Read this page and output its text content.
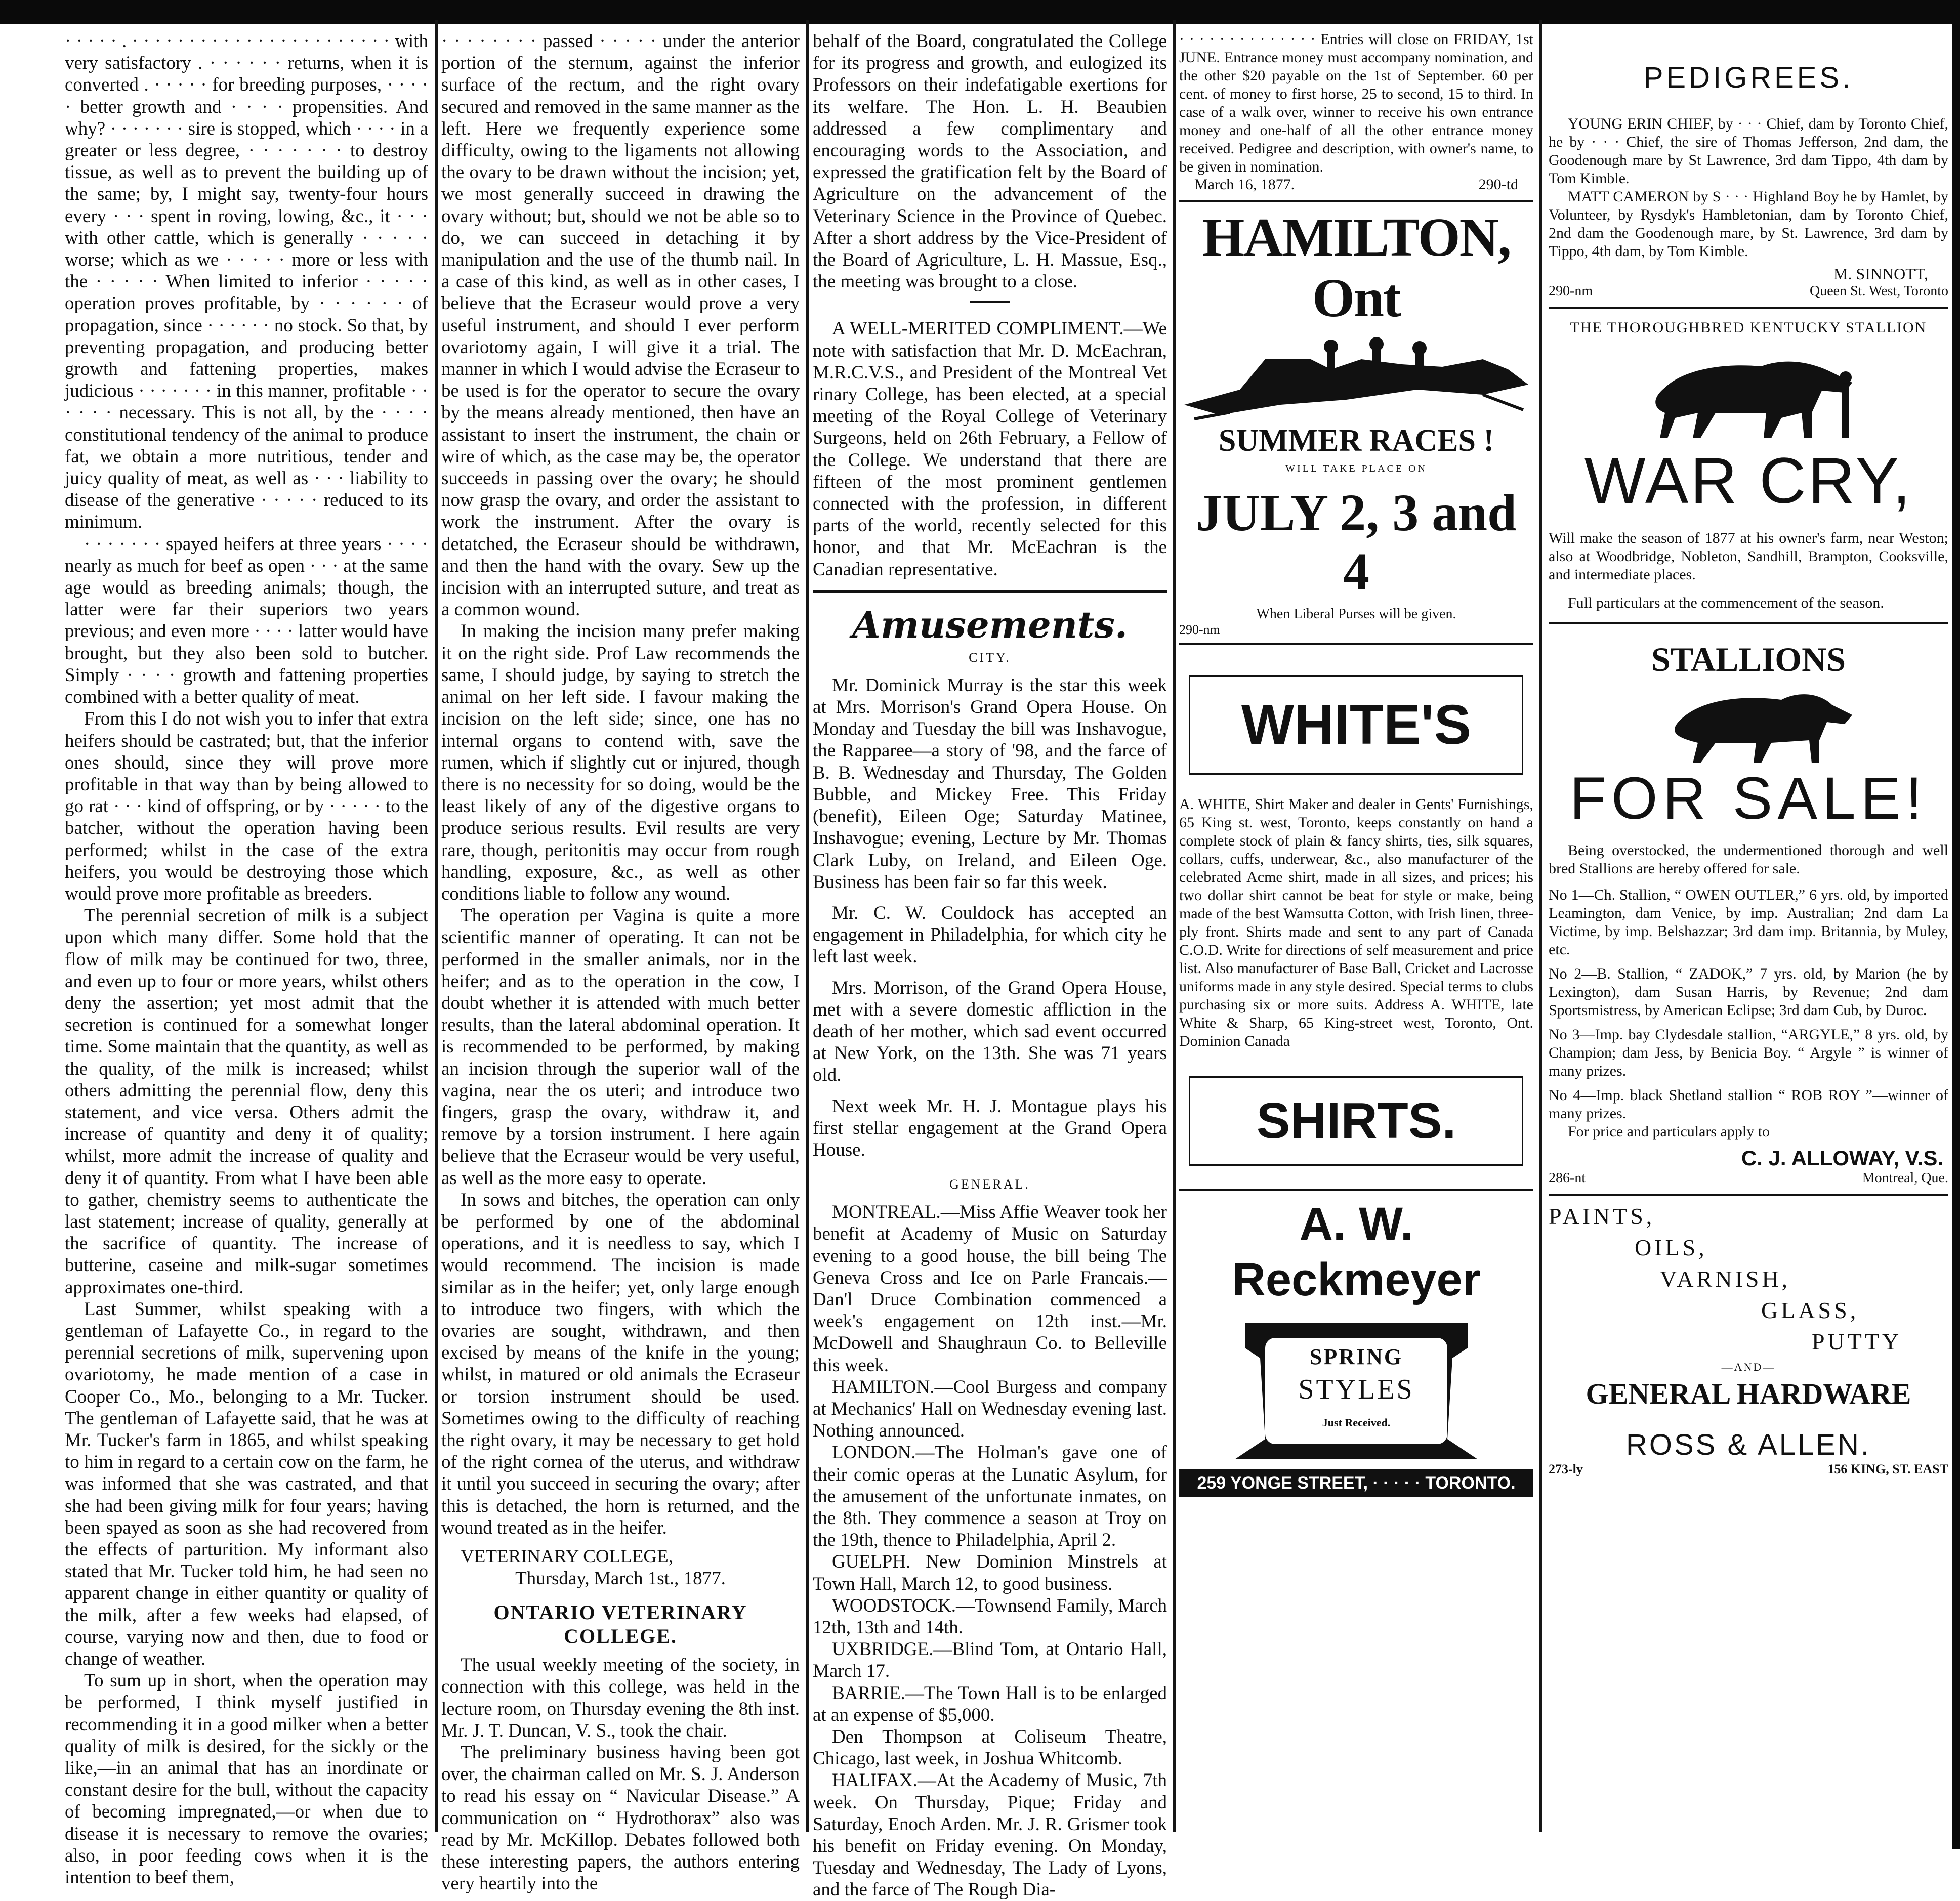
· · · · · . · · · · · · · · · · · · · · · · · · · · · · · with very satisfactory . · · · · · · returns, when it is converted . · · · · · for breeding purposes, · · · · · better growth and · · · · propensities. And why? · · · · · · · sire is stopped, which · · · · in a greater or less degree, · · · · · · · to destroy tissue, as well as to prevent the building up of the same; by, I might say, twenty-four hours every · · · spent in roving, lowing, &c., it · · · with other cattle, which is generally · · · · · worse; which as we · · · · · more or less with the · · · · · When limited to inferior · · · · · operation proves profitable, by · · · · · · of propagation, since · · · · · · no stock. So that, by preventing propagation, and producing better growth and fattening properties, makes judicious · · · · · · · in this manner, profitable · · · · · · necessary. This is not all, by the · · · · constitutional tendency of the animal to produce fat, we obtain a more nutritious, tender and juicy quality of meat, as well as · · · liability to disease of the generative · · · · · reduced to its minimum.

· · · · · · · spayed heifers at three years · · · · nearly as much for beef as open · · · at the same age would as breeding animals; though, the latter were far their superiors two years previous; and even more · · · · latter would have brought, but they also been sold to butcher. Simply · · · · growth and fattening properties combined with a better quality of meat.

From this I do not wish you to infer that extra heifers should be castrated; but, that the inferior ones should, since they will prove more profitable in that way than by being allowed to go rat · · · kind of offspring, or by · · · · · to the batcher, without the operation having been performed; whilst in the case of the extra heifers, you would be destroying those which would prove more profitable as breeders.

The perennial secretion of milk is a subject upon which many differ. Some hold that the flow of milk may be continued for two, three, and even up to four or more years, whilst others deny the assertion; yet most admit that the secretion is continued for a somewhat longer time. Some maintain that the quantity, as well as the quality, of the milk is increased; whilst others admitting the perennial flow, deny this statement, and vice versa. Others admit the increase of quantity and deny it of quality; whilst, more admit the increase of quality and deny it of quantity. From what I have been able to gather, chemistry seems to authenticate the last statement; increase of quality, generally at the sacrifice of quantity. The increase of butterine, caseine and milk-sugar sometimes approximates one-third.

Last Summer, whilst speaking with a gentleman of Lafayette Co., in regard to the perennial secretions of milk, supervening upon ovariotomy, he made mention of a case in Cooper Co., Mo., belonging to a Mr. Tucker. The gentleman of Lafayette said, that he was at Mr. Tucker's farm in 1865, and whilst speaking to him in regard to a certain cow on the farm, he was informed that she was castrated, and that she had been giving milk for four years; having been spayed as soon as she had recovered from the effects of parturition. My informant also stated that Mr. Tucker told him, he had seen no apparent change in either quantity or quality of the milk, after a few weeks had elapsed, of course, varying now and then, due to food or change of weather.

To sum up in short, when the operation may be performed, I think myself justified in recommending it in a good milker when a better quality of milk is desired, for the sickly or the like,—in an animal that has an inordinate or constant desire for the bull, without the capacity of becoming impregnated,—or when due to disease it is necessary to remove the ovaries; also, in poor feeding cows when it is the intention to beef them,

· · · · · · · · passed · · · · · under the anterior portion of the sternum, against the inferior surface of the rectum, and the right ovary secured and removed in the same manner as the left. Here we frequently experience some difficulty, owing to the ligaments not allowing the ovary to be drawn without the incision; yet, we most generally succeed in drawing the ovary without; but, should we not be able so to do, we can succeed in detaching it by manipulation and the use of the thumb nail. In a case of this kind, as well as in other cases, I believe that the Ecraseur would prove a very useful instrument, and should I ever perform ovariotomy again, I will give it a trial. The manner in which I would advise the Ecraseur to be used is for the operator to secure the ovary by the means already mentioned, then have an assistant to insert the instrument, the chain or wire of which, as the case may be, the operator succeeds in passing over the ovary; he should now grasp the ovary, and order the assistant to work the instrument. After the ovary is detatched, the Ecraseur should be withdrawn, and then the hand with the ovary. Sew up the incision with an interrupted suture, and treat as a common wound.

In making the incision many prefer making it on the right side. Prof Law recommends the same, I should judge, by saying to stretch the animal on her left side. I favour making the incision on the left side; since, one has no internal organs to contend with, save the rumen, which if slightly cut or injured, though there is no necessity for so doing, would be the least likely of any of the digestive organs to produce serious results. Evil results are very rare, though, peritonitis may occur from rough handling, exposure, &c., as well as other conditions liable to follow any wound.

The operation per Vagina is quite a more scientific manner of operating. It can not be performed in the smaller animals, nor in the heifer; and as to the operation in the cow, I doubt whether it is attended with much better results, than the lateral abdominal operation. It is recommended to be performed, by making an incision through the superior wall of the vagina, near the os uteri; and introduce two fingers, grasp the ovary, withdraw it, and remove by a torsion instrument. I here again believe that the Ecraseur would be very useful, as well as the more easy to operate.

In sows and bitches, the operation can only be performed by one of the abdominal operations, and it is needless to say, which I would recommend. The incision is made similar as in the heifer; yet, only large enough to introduce two fingers, with which the ovaries are sought, withdrawn, and then excised by means of the knife in the young; whilst, in matured or old animals the Ecraseur or torsion instrument should be used. Sometimes owing to the difficulty of reaching the right ovary, it may be necessary to get hold of the right cornea of the uterus, and withdraw it until you succeed in securing the ovary; after this is detached, the horn is returned, and the wound treated as in the heifer.

VETERINARY COLLEGE,

Thursday, March 1st., 1877.

ONTARIO VETERINARY COLLEGE.

The usual weekly meeting of the society, in connection with this college, was held in the lecture room, on Thursday evening the 8th inst. Mr. J. T. Duncan, V. S., took the chair.

The preliminary business having been got over, the chairman called on Mr. S. J. Anderson to read his essay on “ Navicular Disease.” A communication on “ Hydrothorax” also was read by Mr. McKillop. Debates followed both these interesting papers, the authors entering very heartily into the

behalf of the Board, congratulated the College for its progress and growth, and eulogized its Professors on their indefatigable exertions for its welfare. The Hon. L. H. Beaubien addressed a few complimentary and encouraging words to the Association, and expressed the gratification felt by the Board of Agriculture on the advancement of the Veterinary Science in the Province of Quebec. After a short address by the Vice-President of the Board of Agriculture, L. H. Massue, Esq., the meeting was brought to a close.

A WELL-MERITED COMPLIMENT.—We note with satisfaction that Mr. D. McEachran, M.R.C.V.S., and President of the Montreal Vet rinary College, has been elected, at a special meeting of the Royal College of Veterinary Surgeons, held on 26th February, a Fellow of the College. We understand that there are fifteen of the most prominent gentlemen connected with the profession, in different parts of the world, recently selected for this honor, and that Mr. McEachran is the Canadian representative.

Amusements.

CITY.

Mr. Dominick Murray is the star this week at Mrs. Morrison's Grand Opera House. On Monday and Tuesday the bill was Inshavogue, the Rapparee—a story of '98, and the farce of B. B. Wednesday and Thursday, The Golden Bubble, and Mickey Free. This Friday (benefit), Eileen Oge; Saturday Matinee, Inshavogue; evening, Lecture by Mr. Thomas Clark Luby, on Ireland, and Eileen Oge. Business has been fair so far this week.

Mr. C. W. Couldock has accepted an engagement in Philadelphia, for which city he left last week.

Mrs. Morrison, of the Grand Opera House, met with a severe domestic affliction in the death of her mother, which sad event occurred at New York, on the 13th. She was 71 years old.

Next week Mr. H. J. Montague plays his first stellar engagement at the Grand Opera House.

GENERAL.

MONTREAL.—Miss Affie Weaver took her benefit at Academy of Music on Saturday evening to a good house, the bill being The Geneva Cross and Ice on Parle Francais.—Dan'l Druce Combination commenced a week's engagement on 12th inst.—Mr. McDowell and Shaughraun Co. to Belleville this week.

HAMILTON.—Cool Burgess and company at Mechanics' Hall on Wednesday evening last. Nothing announced.

LONDON.—The Holman's gave one of their comic operas at the Lunatic Asylum, for the amusement of the unfortunate inmates, on the 8th. They commence a season at Troy on the 19th, thence to Philadelphia, April 2.

GUELPH. New Dominion Minstrels at Town Hall, March 12, to good business.

WOODSTOCK.—Townsend Family, March 12th, 13th and 14th.

UXBRIDGE.—Blind Tom, at Ontario Hall, March 17.

BARRIE.—The Town Hall is to be enlarged at an expense of $5,000.

Den Thompson at Coliseum Theatre, Chicago, last week, in Joshua Whitcomb.

HALIFAX.—At the Academy of Music, 7th week. On Thursday, Pique; Friday and Saturday, Enoch Arden. Mr. J. R. Grismer took his benefit on Friday evening. On Monday, Tuesday and Wednesday, The Lady of Lyons, and the farce of The Rough Dia-

· · · · · · · · · · · · · · Entries will close on FRIDAY, 1st JUNE. Entrance money must accompany nomination, and the other $20 payable on the 1st of September. 60 per cent. of money to first horse, 25 to second, 15 to third. In case of a walk over, winner to receive his own entrance money and one-half of all the other entrance money received. Pedigree and description, with owner's name, to be given in nomination.

March 16, 1877.	290-td
HAMILTON, Ont
SUMMER RACES !
WILL TAKE PLACE ON
JULY 2, 3 and 4
When Liberal Purses will be given.
290-nm
WHITE'S

A. WHITE, Shirt Maker and dealer in Gents' Furnishings, 65 King st. west, Toronto, keeps constantly on hand a complete stock of plain & fancy shirts, ties, silk squares, collars, cuffs, underwear, &c., also manufacturer of the celebrated Acme shirt, made in all sizes, and prices; his two dollar shirt cannot be beat for style or make, being made of the best Wamsutta Cotton, with Irish linen, three-ply front. Shirts made and sent to any part of Canada C.O.D. Write for directions of self measurement and price list. Also manufacturer of Base Ball, Cricket and Lacrosse uniforms made in any style desired. Special terms to clubs purchasing six or more suits. Address A. WHITE, late White & Sharp, 65 King-street west, Toronto, Ont. Dominion Canada

SHIRTS.
A. W. Reckmeyer
SPRING
STYLES
Just Received.
259 YONGE STREET, · · · · · TORONTO.
PEDIGREES.

YOUNG ERIN CHIEF, by · · · Chief, dam by Toronto Chief, he by · · · Chief, the sire of Thomas Jefferson, 2nd dam, the Goodenough mare by St Lawrence, 3rd dam Tippo, 4th dam by Tom Kimble.

MATT CAMERON by S · · · Highland Boy he by Hamlet, by Volunteer, by Rysdyk's Hambletonian, dam by Toronto Chief, 2nd dam the Goodenough mare, by St. Lawrence, 3rd dam by Tippo, 4th dam, by Tom Kimble.

M. SINNOTT,
290-nm	Queen St. West, Toronto
THE THOROUGHBRED KENTUCKY STALLION
WAR CRY,

Will make the season of 1877 at his owner's farm, near Weston; also at Woodbridge, Nobleton, Sandhill, Brampton, Cooksville, and intermediate places.

Full particulars at the commencement of the season.

STALLIONS
FOR SALE!

Being overstocked, the undermentioned thorough and well bred Stallions are hereby offered for sale.

No 1—Ch. Stallion, “ OWEN OUTLER,” 6 yrs. old, by imported Leamington, dam Venice, by imp. Australian; 2nd dam La Victime, by imp. Belshazzar; 3rd dam imp. Britannia, by Muley, etc.

No 2—B. Stallion, “ ZADOK,” 7 yrs. old, by Marion (he by Lexington), dam Susan Harris, by Revenue; 2nd dam Sportsmistress, by American Eclipse; 3rd dam Cub, by Duroc.

No 3—Imp. bay Clydesdale stallion, “ARGYLE,” 8 yrs. old, by Champion; dam Jess, by Benicia Boy. “ Argyle ” is winner of many prizes.

No 4—Imp. black Shetland stallion “ ROB ROY ”—winner of many prizes.

For price and particulars apply to

C. J. ALLOWAY, V.S.
286-nt	Montreal, Que.
PAINTS,
OILS,
VARNISH,
GLASS,
PUTTY
—AND—
GENERAL HARDWARE
ROSS & ALLEN.
273-ly	156 KING, ST. EAST
